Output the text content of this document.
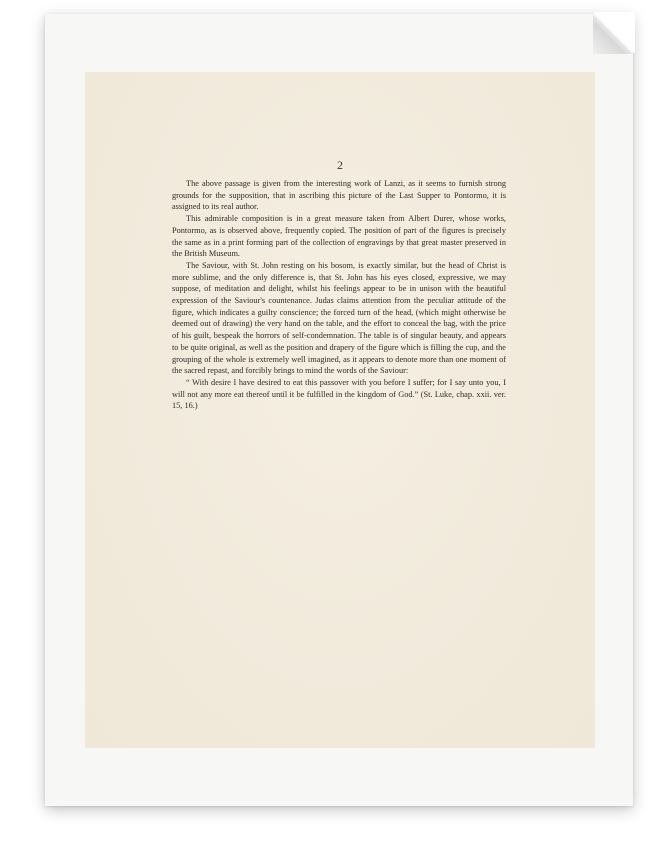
2

The above passage is given from the interesting work of Lanzi, as it seems to furnish strong grounds for the supposition, that in ascribing this picture of the Last Supper to Pontormo, it is assigned to its real author.

This admirable composition is in a great measure taken from Albert Durer, whose works, Pontormo, as is observed above, frequently copied. The position of part of the figures is precisely the same as in a print forming part of the collection of engravings by that great master preserved in the British Museum.

The Saviour, with St. John resting on his bosom, is exactly similar, but the head of Christ is more sublime, and the only difference is, that St. John has his eyes closed, expressive, we may suppose, of meditation and delight, whilst his feelings appear to be in unison with the beautiful expression of the Saviour's countenance. Judas claims attention from the peculiar attitude of the figure, which indicates a guilty conscience; the forced turn of the head, (which might otherwise be deemed out of drawing) the very hand on the table, and the effort to conceal the bag, with the price of his guilt, bespeak the horrors of self-condemnation. The table is of singular beauty, and appears to be quite original, as well as the position and drapery of the figure which is filling the cup, and the grouping of the whole is extremely well imagined, as it appears to denote more than one moment of the sacred repast, and forcibly brings to mind the words of the Saviour:

“ With desire I have desired to eat this passover with you before I suffer; for I say unto you, I will not any more eat thereof until it be fulfilled in the kingdom of God.” (St. Luke, chap. xxii. ver. 15, 16.)
